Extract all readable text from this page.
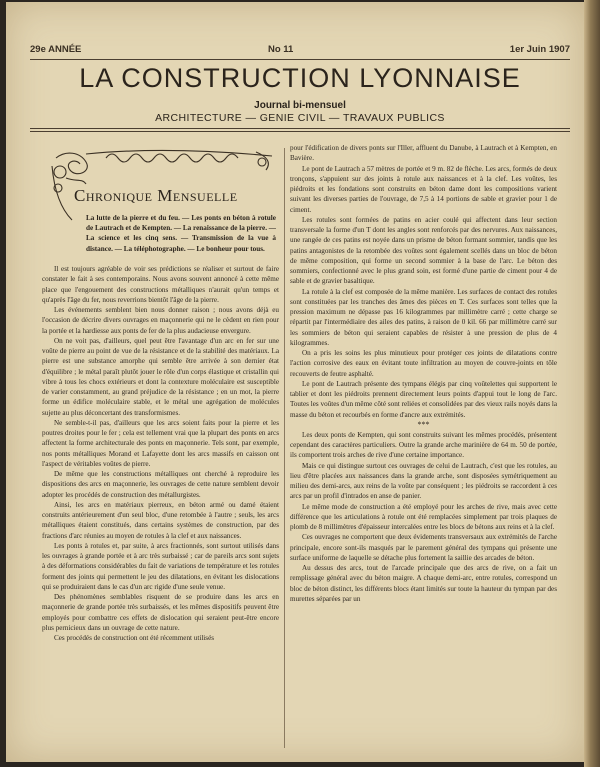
29e ANNÉE	No 11	1er Juin 1907
LA CONSTRUCTION LYONNAISE
Journal bi-mensuel
ARCHITECTURE — GENIE CIVIL — TRAVAUX PUBLICS
Chronique Mensuelle
La lutte de la pierre et du feu. — Les ponts en béton à rotule de Lautrach et de Kempten. — La renaissance de la pierre. — La science et les cinq sens. — Transmission de la vue à distance. — La téléphotographe. — Le bonheur pour tous.

Il est toujours agréable de voir ses prédictions se réaliser et surtout de faire constater le fait à ses contemporains. Nous avons souvent annoncé à cette même place que l'engouement des constructions métalliques n'aurait qu'un temps et qu'après l'âge du fer, nous reverrions bientôt l'âge de la pierre.

Les événements semblent bien nous donner raison ; nous avons déjà eu l'occasion de décrire divers ouvrages en maçonnerie qui ne le cèdent en rien pour la portée et la hardiesse aux ponts de fer de la plus audacieuse envergure.

On ne voit pas, d'ailleurs, quel peut être l'avantage d'un arc en fer sur une voûte de pierre au point de vue de la résistance et de la stabilité des matériaux. La pierre est une substance amorphe qui semble être arrivée à son dernier état d'équilibre ; le métal paraît plutôt jouer le rôle d'un corps élastique et cristallin qui vibre à tous les chocs extérieurs et dont la contexture moléculaire est susceptible de varier constamment, au grand préjudice de la résistance ; en un mot, la pierre forme un édifice moléculaire stable, et le métal une agrégation de molécules sujette au plus déconcertant des transformismes.

Ne semble-t-il pas, d'ailleurs que les arcs soient faits pour la pierre et les poutres droites pour le fer ; cela est tellement vrai que la plupart des ponts en arcs affectent la forme architecturale des ponts en maçonnerie. Tels sont, par exemple, nos ponts métalliques Morand et Lafayette dont les arcs massifs en caisson ont l'aspect de véritables voûtes de pierre.

De même que les constructions métalliques ont cherché à reproduire les dispositions des arcs en maçonnerie, les ouvrages de cette nature semblent devoir adopter les procédés de construction des métallurgistes.

Ainsi, les arcs en matériaux pierreux, en béton armé ou damé étaient construits antérieurement d'un seul bloc, d'une retombée à l'autre ; seuls, les arcs métalliques étaient constitués, dans certains systèmes de construction, par des fractions d'arc réunies au moyen de rotules à la clef et aux naissances.

Les ponts à rotules et, par suite, à arcs fractionnés, sont surtout utilisés dans les ouvrages à grande portée et à arc très surbaissé ; car de pareils arcs sont sujets à des déformations considérables du fait de variations de température et les rotules forment des joints qui permettent le jeu des dilatations, en évitant les dislocations qui se produiraient dans le cas d'un arc rigide d'une seule venue.

Des phénomènes semblables risquent de se produire dans les arcs en maçonnerie de grande portée très surbaissés, et les mêmes dispositifs peuvent être employés pour combattre ces effets de dislocation qui seraient peut-être encore plus pernicieux dans un ouvrage de cette nature.

Ces procédés de construction ont été récemment utilisés

pour l'édification de divers ponts sur l'Iller, affluent du Danube, à Lautrach et à Kempten, en Bavière.

Le pont de Lautrach a 57 mètres de portée et 9 m. 82 de flèche. Les arcs, formés de deux tronçons, s'appuient sur des joints à rotule aux naissances et à la clef. Les voûtes, les piédroits et les fondations sont construits en béton dame dont les compositions varient suivant les diverses parties de l'ouvrage, de 7,5 à 14 portions de sable et gravier pour 1 de ciment.

Les rotules sont formées de patins en acier coulé qui affectent dans leur section transversale la forme d'un T dont les angles sont renforcés par des nervures. Aux naissances, une rangée de ces patins est noyée dans un prisme de béton formant sommier, tandis que les patins antagonistes de la retombée des voûtes sont également scellés dans un bloc de béton de même composition, qui forme un second sommier à la base de l'arc. Le béton des sommiers, confectionné avec le plus grand soin, est formé d'une partie de ciment pour 4 de sable et de gravier basaltique.

La rotule à la clef est composée de la même manière. Les surfaces de contact des rotules sont constituées par les tranches des âmes des pièces en T. Ces surfaces sont telles que la pression maximum ne dépasse pas 16 kilogrammes par millimètre carré ; cette charge se répartit par l'intermédiaire des ailes des patins, à raison de 0 kil. 66 par millimètre carré sur les sommiers de béton qui seraient capables de résister à une pression de plus de 4 kilogrammes.

On a pris les soins les plus minutieux pour protéger ces joints de dilatations contre l'action corrosive des eaux en évitant toute infiltration au moyen de couvre-joints en tôle recouverts de feutre asphalté.

Le pont de Lautrach présente des tympans élégis par cinq voûtelettes qui supportent le tablier et dont les piédroits prennent directement leurs points d'appui tout le long de l'arc. Toutes les voûtes d'un même côté sont reliées et consolidées par des vieux rails noyés dans la masse du béton et recourbés en forme d'ancre aux extrémités.

***

Les deux ponts de Kempten, qui sont construits suivant les mêmes procédés, présentent cependant des caractères particuliers. Outre la grande arche marinière de 64 m. 50 de portée, ils comportent trois arches de rive d'une certaine importance.

Mais ce qui distingue surtout ces ouvrages de celui de Lautrach, c'est que les rotules, au lieu d'être placées aux naissances dans la grande arche, sont disposées symétriquement au milieu des demi-arcs, aux reins de la voûte par conséquent ; les piédroits se raccordent à ces arcs par un profil d'intrados en anse de panier.

Le même mode de construction a été employé pour les arches de rive, mais avec cette différence que les articulations à rotule ont été remplacées simplement par trois plaques de plomb de 8 millimètres d'épaisseur intercalées entre les blocs de bétons aux reins et à la clef.

Ces ouvrages ne comportent que deux évidements transversaux aux extrémités de l'arche principale, encore sont-ils masqués par le parement général des tympans qui présente une surface uniforme de laquelle se détache plus fortement la saillie des arcades de béton.

Au dessus des arcs, tout de l'arcade principale que des arcs de rive, on a fait un remplissage général avec du béton maigre. A chaque demi-arc, entre rotules, correspond un bloc de béton distinct, les différents blocs étant limités sur toute la hauteur du tympan par des murettes séparées par un
